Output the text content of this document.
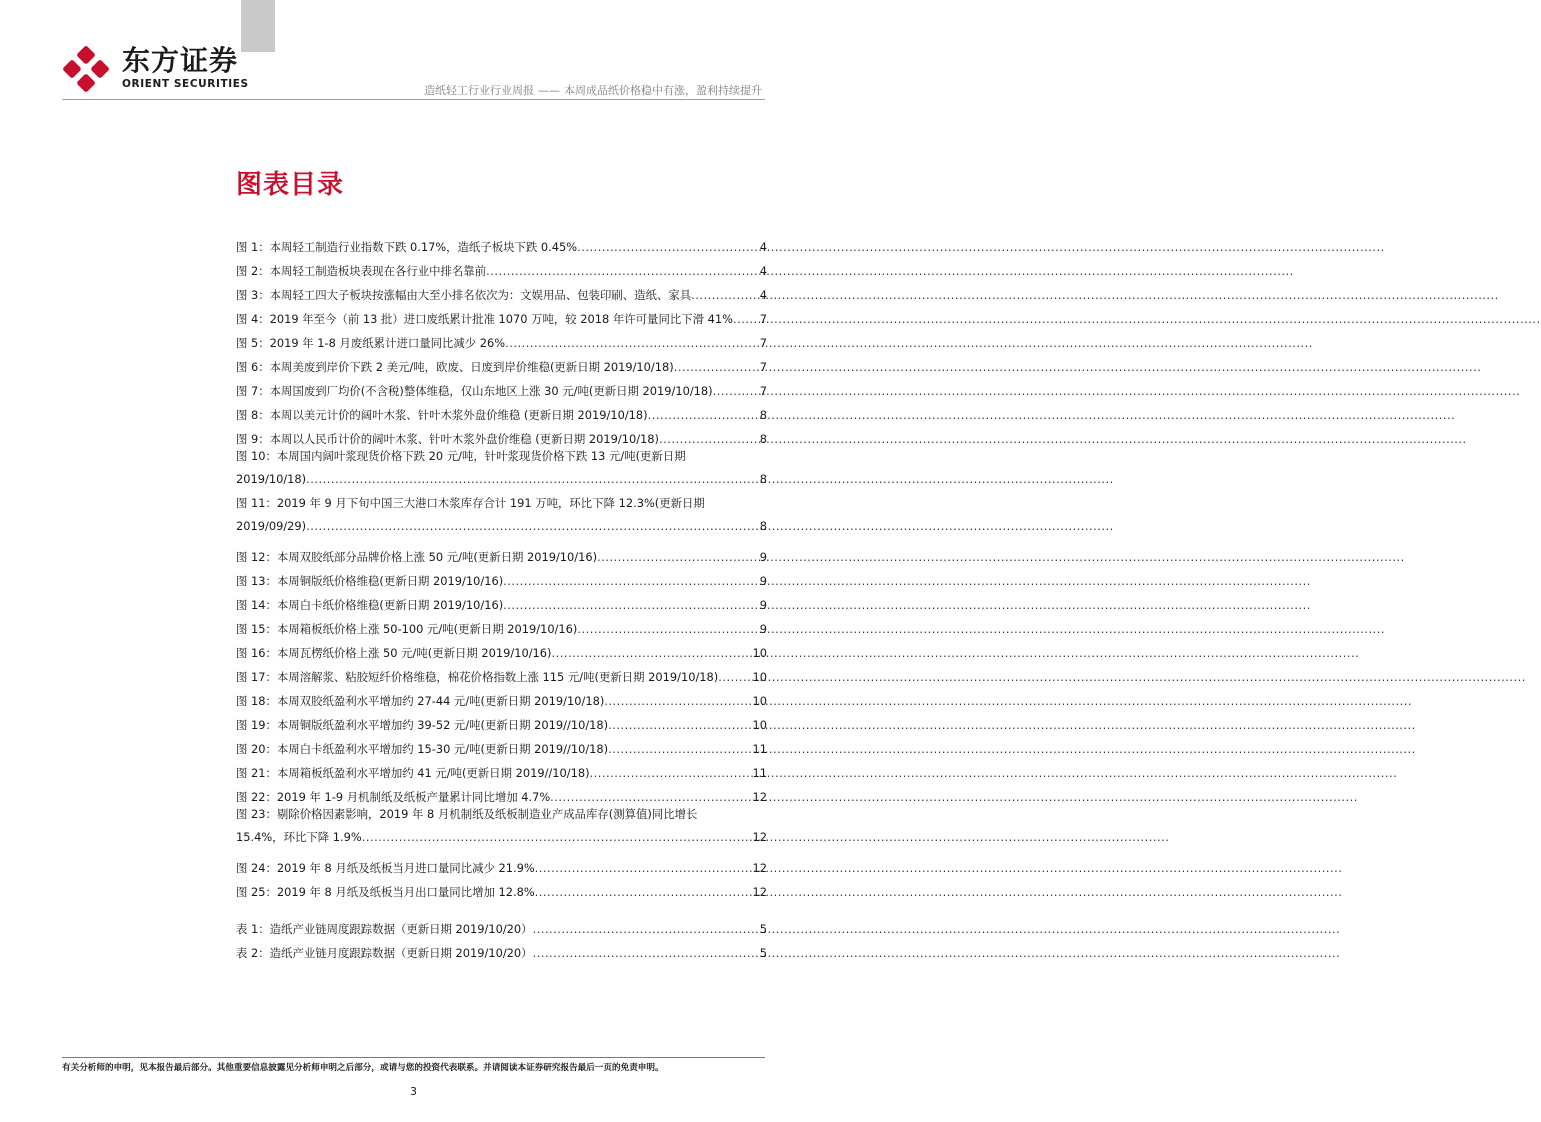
东方证券
ORIENT SECURITIES	造纸轻工行业行业周报 —— 本周成品纸价格稳中有涨，盈利持续提升
图表目录
图 1： 本周轻工制造行业指数下跌 0.17%，造纸子板块下跌 0.45% .....	4
图 2： 本周轻工制造板块表现在各行业中排名靠前 .....	4
图 3： 本周轻工四大子板块按涨幅由大至小排名依次为：文娱用品、包装印刷、造纸、家具 .....	4
图 4： 2019 年至今（前 13 批）进口废纸累计批准 1070 万吨，较 2018 年许可量同比下滑 41% ..... 7
图 5： 2019 年 1-8 月废纸累计进口量同比减少 26% .....	7
图 6： 本周美废到岸价下跌 2 美元/吨，欧废、日废到岸价维稳(更新日期 2019/10/18) .....	7
图 7： 本周国废到厂均价(不含税)整体维稳，仅山东地区上涨 30 元/吨(更新日期 2019/10/18) .....	7
图 8： 本周以美元计价的阔叶木浆、针叶木浆外盘价维稳 (更新日期 2019/10/18) .....	8
图 9： 本周以人民币计价的阔叶木浆、针叶木浆外盘价维稳 (更新日期 2019/10/18) .....	8
图 10：本周国内阔叶浆现货价格下跌 20 元/吨，针叶浆现货价格下跌 13 元/吨(更新日期
2019/10/18) .....	8
图 11：2019 年 9 月下旬中国三大港口木浆库存合计 191 万吨，环比下降 12.3%(更新日期
2019/09/29) .....	8
图 12： 本周双胶纸部分品牌价格上涨 50 元/吨(更新日期 2019/10/16) .....	9
图 13： 本周铜版纸价格维稳(更新日期 2019/10/16) .....	9
图 14： 本周白卡纸价格维稳(更新日期 2019/10/16) .....	9
图 15： 本周箱板纸价格上涨 50-100 元/吨(更新日期 2019/10/16) .....	9
图 16： 本周瓦楞纸价格上涨 50 元/吨(更新日期 2019/10/16) .....	10
图 17： 本周溶解浆、粘胶短纤价格维稳，棉花价格指数上涨 115 元/吨(更新日期 2019/10/18) .....	10
图 18： 本周双胶纸盈利水平增加约 27-44 元/吨(更新日期 2019/10/18) .....	10
图 19： 本周铜版纸盈利水平增加约 39-52 元/吨(更新日期 2019//10/18) .....	10
图 20： 本周白卡纸盈利水平增加约 15-30 元/吨(更新日期 2019//10/18) .....	11
图 21： 本周箱板纸盈利水平增加约 41 元/吨(更新日期 2019//10/18) .....	11
图 22： 2019 年 1-9 月机制纸及纸板产量累计同比增加 4.7% .....	12
图 23：剔除价格因素影响，2019 年 8 月机制纸及纸板制造业产成品库存(测算值)同比增长
15.4%，环比下降 1.9% .....	12
图 24： 2019 年 8 月纸及纸板当月进口量同比减少 21.9% .....	12
图 25： 2019 年 8 月纸及纸板当月出口量同比增加 12.8% .....	12
表 1： 造纸产业链周度跟踪数据（更新日期 2019/10/20） .....	5
表 2： 造纸产业链月度跟踪数据（更新日期 2019/10/20） .....	5
有关分析师的申明，见本报告最后部分。其他重要信息披露见分析师申明之后部分，或请与您的投资代表联系。并请阅读本证券研究报告最后一页的免责申明。
3
